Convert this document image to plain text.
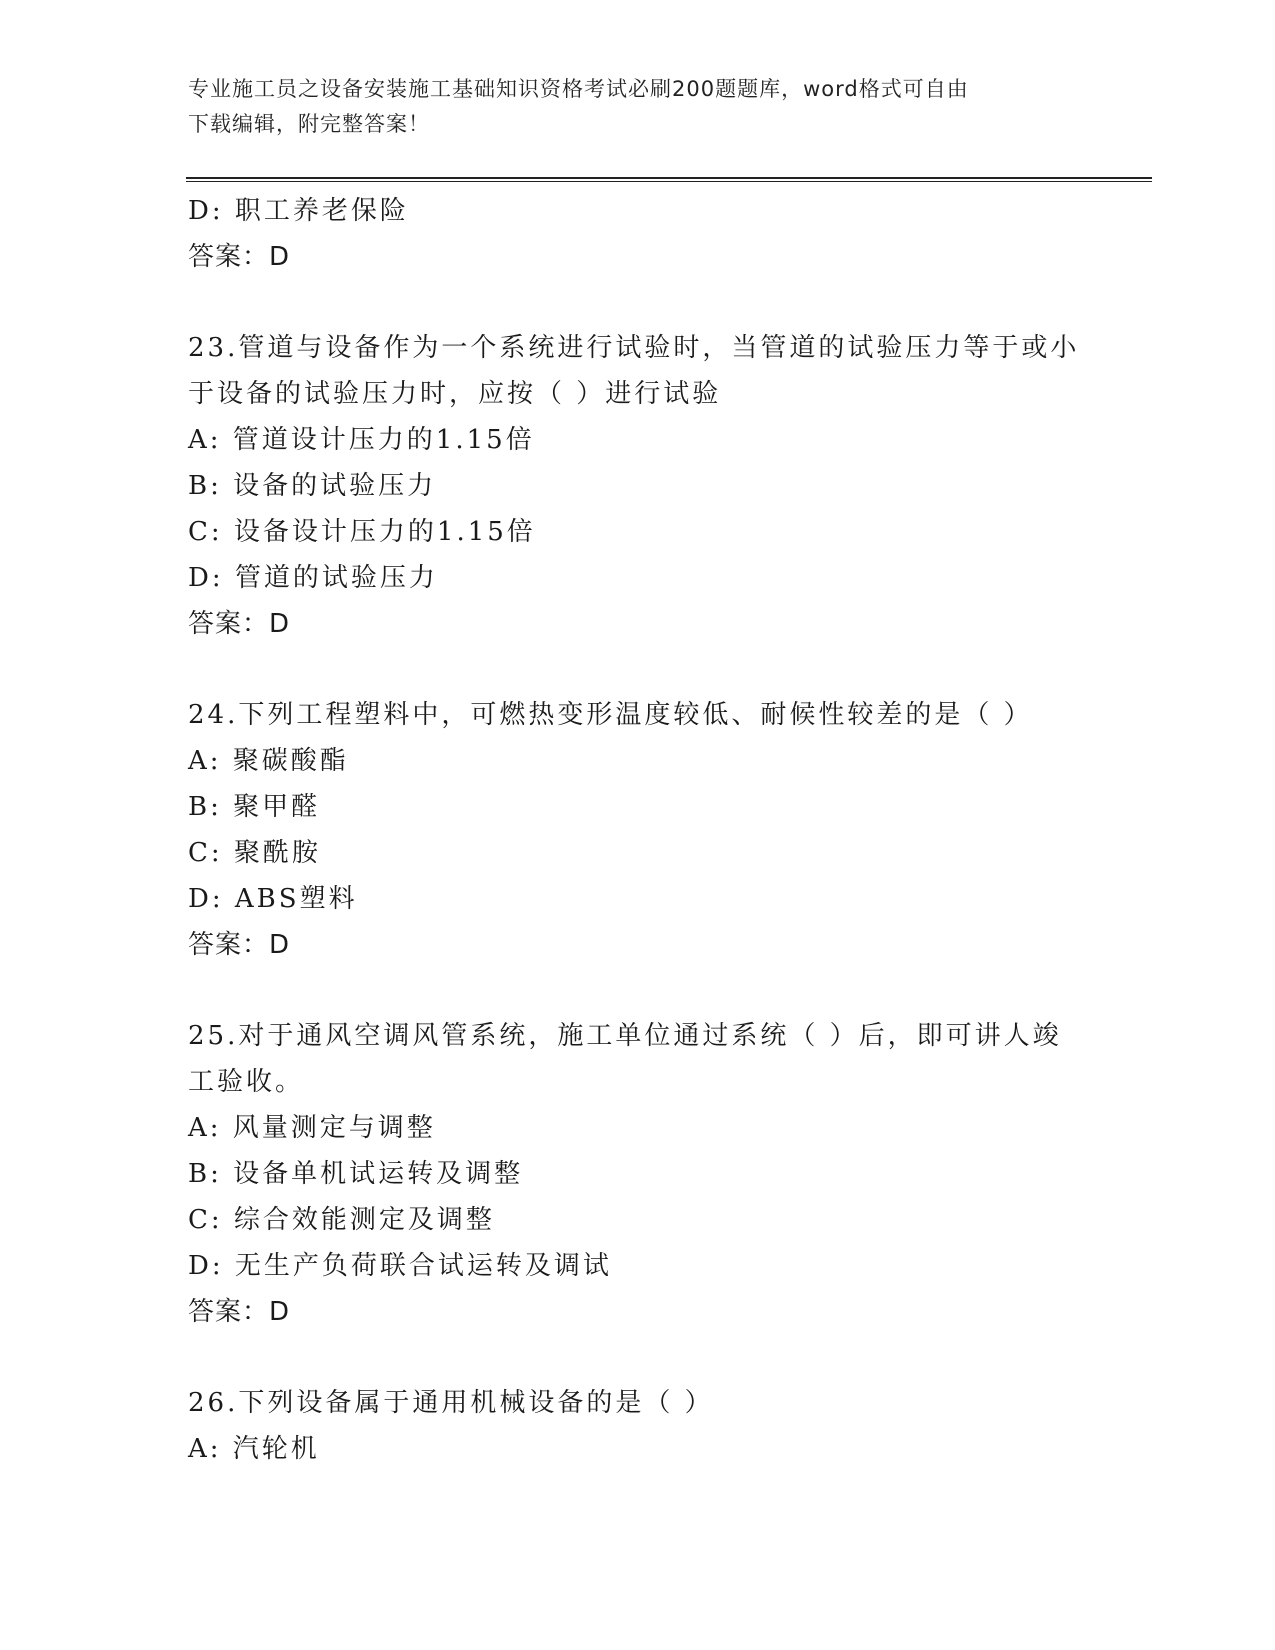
专业施工员之设备安装施工基础知识资格考试必刷200题题库，word格式可自由
下载编辑，附完整答案！
D: 职工养老保险
答案：D
23.管道与设备作为一个系统进行试验时，当管道的试验压力等于或小
于设备的试验压力时，应按（ ）进行试验
A: 管道设计压力的1.15倍
B: 设备的试验压力
C: 设备设计压力的1.15倍
D: 管道的试验压力
答案：D
24.下列工程塑料中，可燃热变形温度较低、耐候性较差的是（ ）
A: 聚碳酸酯
B: 聚甲醛
C: 聚酰胺
D: ABS塑料
答案：D
25.对于通风空调风管系统，施工单位通过系统（ ）后，即可讲人竣
工验收。
A: 风量测定与调整
B: 设备单机试运转及调整
C: 综合效能测定及调整
D: 无生产负荷联合试运转及调试
答案：D
26.下列设备属于通用机械设备的是（ ）
A: 汽轮机
